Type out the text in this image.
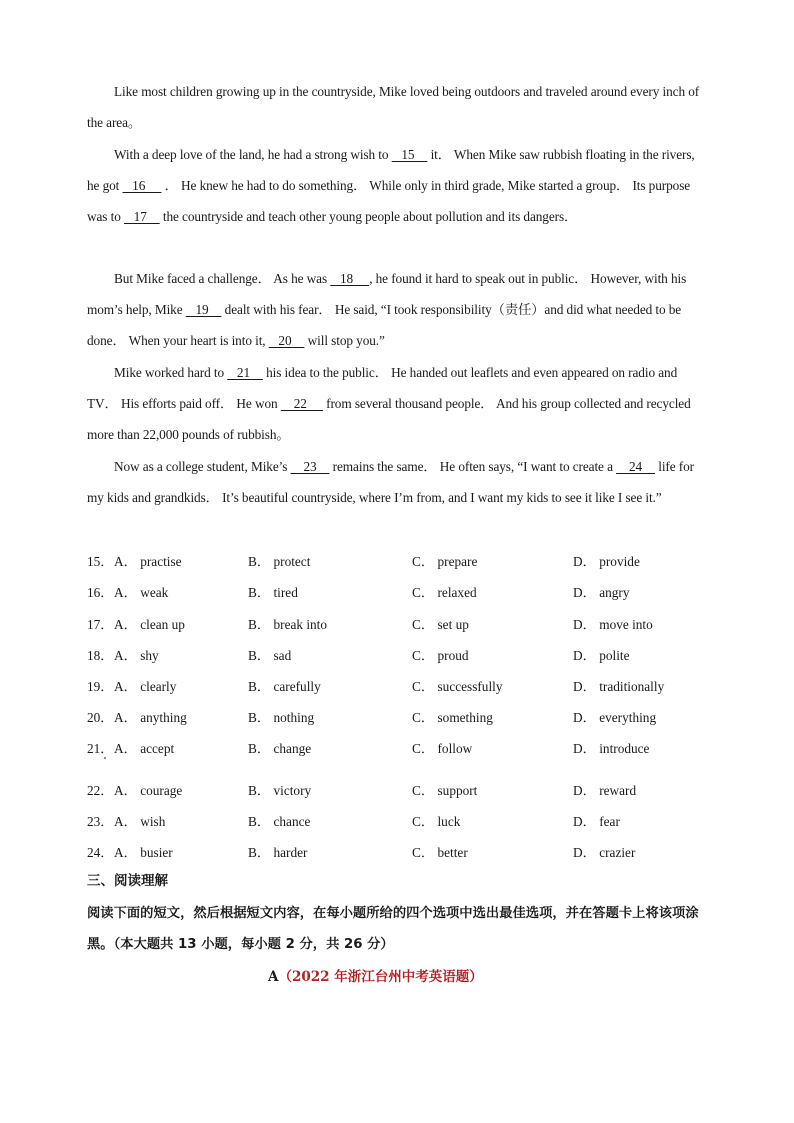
Like most children growing up in the countryside, Mike loved being outdoors and traveled around every inch of the area。

With a deep love of the land, he had a strong wish to    15     it． When Mike saw rubbish floating in the rivers, he got    16      ． He knew he had to do something． While only in third grade, Mike started a group． Its purpose was to    17     the countryside and teach other young people about pollution and its dangers．

But Mike faced a challenge． As he was    18     , he found it hard to speak out in public． However, with his mom’s help, Mike    19     dealt with his fear． He said, “I took responsibility（责任）and did what needed to be done． When your heart is into it,    20     will stop you.”

Mike worked hard to    21     his idea to the public． He handed out leaflets and even appeared on radio and TV． His efforts paid off． He won     22      from several thousand people． And his group collected and recycled more than 22,000 pounds of rubbish。

Now as a college student, Mike’s     23     remains the same． He often says, “I want to create a     24     life for my kids and grandkids． It’s beautiful countryside, where I’m from, and I want my kids to see it like I see it.”

15． A． practise	B． protect	C． prepare	D． provide
16． A． weak	B． tired	C． relaxed	D． angry
17． A． clean up	B． break into	C． set up	D． move into
18． A． shy	B． sad	C． proud	D． polite
19． A． clearly	B． carefully	C． successfully	D． traditionally
20． A． anything	B． nothing	C． something	D． everything
21． A． accept	B． change	C． follow	D． introduce
22． A． courage	B． victory	C． support	D． reward
23． A． wish	B． chance	C． luck	D． fear
24． A． busier	B． harder	C． better	D． crazier
三、阅读理解

阅读下面的短文，然后根据短文内容，在每小题所给的四个选项中选出最佳选项，并在答题卡上将该项涂黑。（本大题共 13 小题，每小题 2 分，共 26 分）

A（2022 年浙江台州中考英语题）
